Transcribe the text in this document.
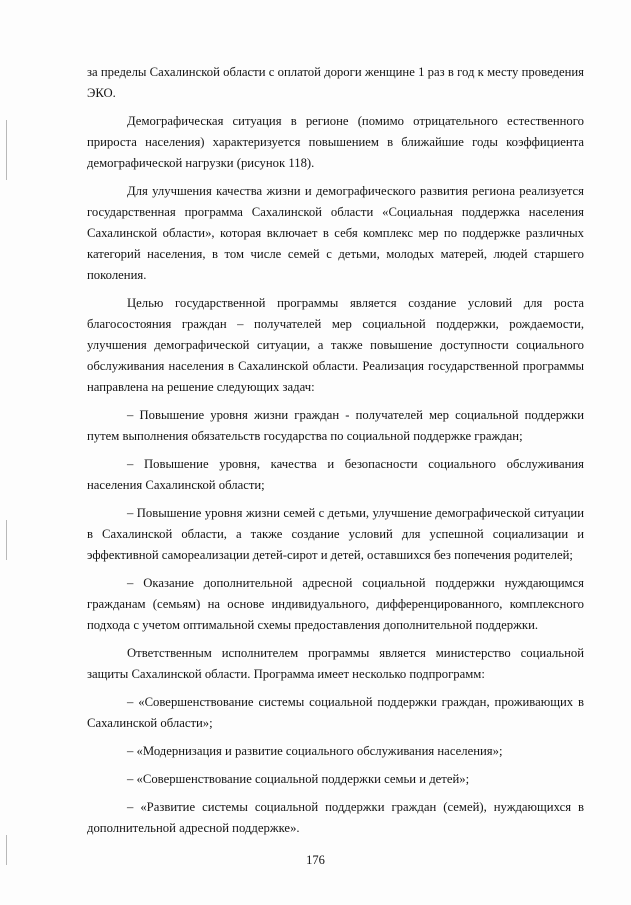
за пределы Сахалинской области с оплатой дороги женщине 1 раз в год к месту проведения ЭКО.

Демографическая ситуация в регионе (помимо отрицательного естественного прироста населения) характеризуется повышением в ближайшие годы коэффициента демографической нагрузки (рисунок 118).

Для улучшения качества жизни и демографического развития региона реализуется государственная программа Сахалинской области «Социальная поддержка населения Сахалинской области», которая включает в себя комплекс мер по поддержке различных категорий населения, в том числе семей с детьми, молодых матерей, людей старшего поколения.

Целью государственной программы является создание условий для роста благосостояния граждан – получателей мер социальной поддержки, рождаемости, улучшения демографической ситуации, а также повышение доступности социального обслуживания населения в Сахалинской области. Реализация государственной программы направлена на решение следующих задач:

– Повышение уровня жизни граждан - получателей мер социальной поддержки путем выполнения обязательств государства по социальной поддержке граждан;

– Повышение уровня, качества и безопасности социального обслуживания населения Сахалинской области;

– Повышение уровня жизни семей с детьми, улучшение демографической ситуации в Сахалинской области, а также создание условий для успешной социализации и эффективной самореализации детей-сирот и детей, оставшихся без попечения родителей;

– Оказание дополнительной адресной социальной поддержки нуждающимся гражданам (семьям) на основе индивидуального, дифференцированного, комплексного подхода с учетом оптимальной схемы предоставления дополнительной поддержки.

Ответственным исполнителем программы является министерство социальной защиты Сахалинской области. Программа имеет несколько подпрограмм:

– «Совершенствование системы социальной поддержки граждан, проживающих в Сахалинской области»;

– «Модернизация и развитие социального обслуживания населения»;

– «Совершенствование социальной поддержки семьи и детей»;

– «Развитие системы социальной поддержки граждан (семей), нуждающихся в дополнительной адресной поддержке».

176
